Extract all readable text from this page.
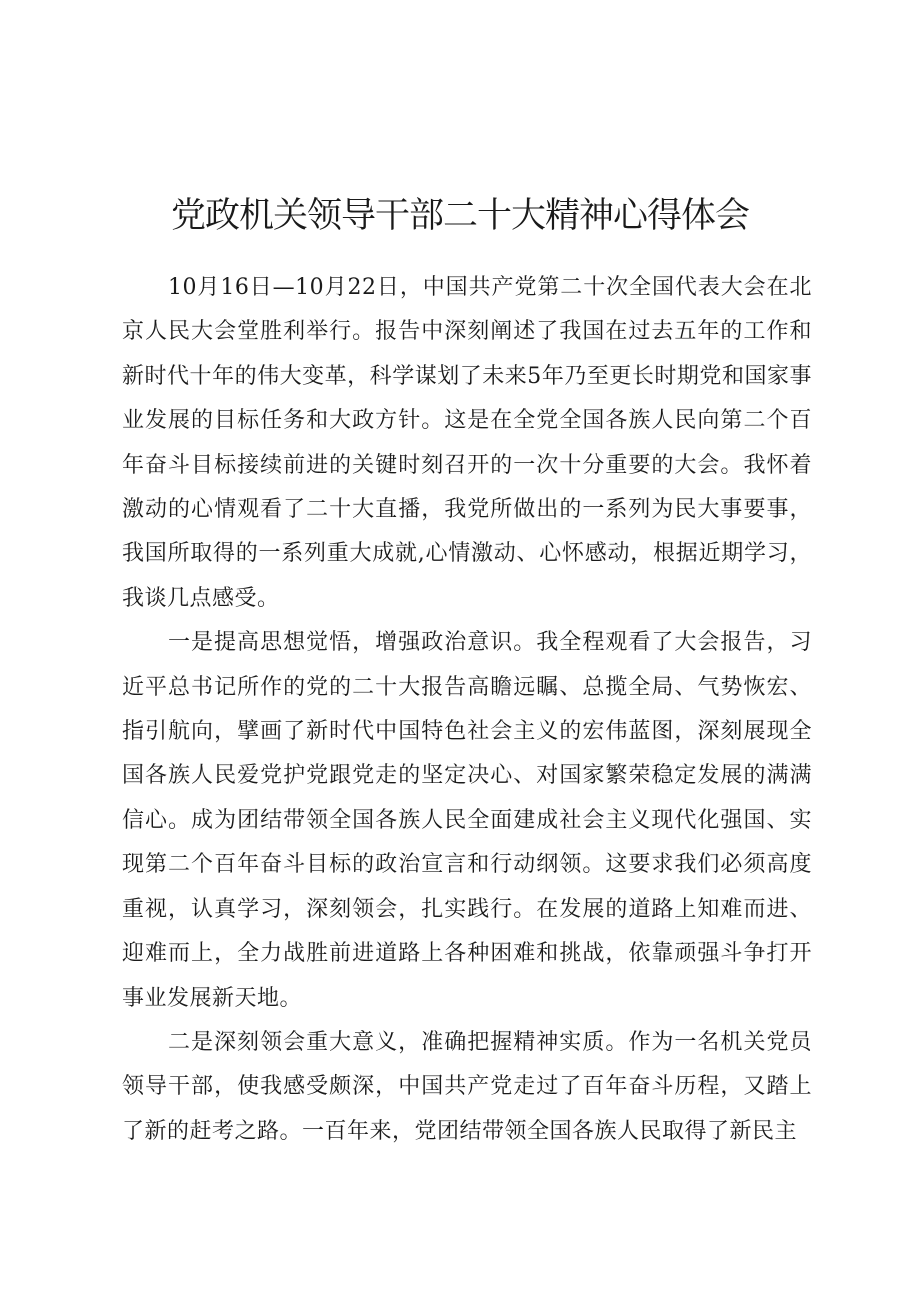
党政机关领导干部二十大精神心得体会

10月16日—10月22日，中国共产党第二十次全国代表大会在北京人民大会堂胜利举行。报告中深刻阐述了我国在过去五年的工作和新时代十年的伟大变革，科学谋划了未来5年乃至更长时期党和国家事业发展的目标任务和大政方针。这是在全党全国各族人民向第二个百年奋斗目标接续前进的关键时刻召开的一次十分重要的大会。我怀着激动的心情观看了二十大直播，我党所做出的一系列为民大事要事，我国所取得的一系列重大成就,心情激动、心怀感动，根据近期学习，我谈几点感受。

一是提高思想觉悟，增强政治意识。我全程观看了大会报告，习近平总书记所作的党的二十大报告高瞻远瞩、总揽全局、气势恢宏、指引航向，擘画了新时代中国特色社会主义的宏伟蓝图，深刻展现全国各族人民爱党护党跟党走的坚定决心、对国家繁荣稳定发展的满满信心。成为团结带领全国各族人民全面建成社会主义现代化强国、实现第二个百年奋斗目标的政治宣言和行动纲领。这要求我们必须高度重视，认真学习，深刻领会，扎实践行。在发展的道路上知难而进、迎难而上，全力战胜前进道路上各种困难和挑战，依靠顽强斗争打开事业发展新天地。

二是深刻领会重大意义，准确把握精神实质。作为一名机关党员领导干部，使我感受颇深，中国共产党走过了百年奋斗历程，又踏上了新的赶考之路。一百年来，党团结带领全国各族人民取得了新民主
